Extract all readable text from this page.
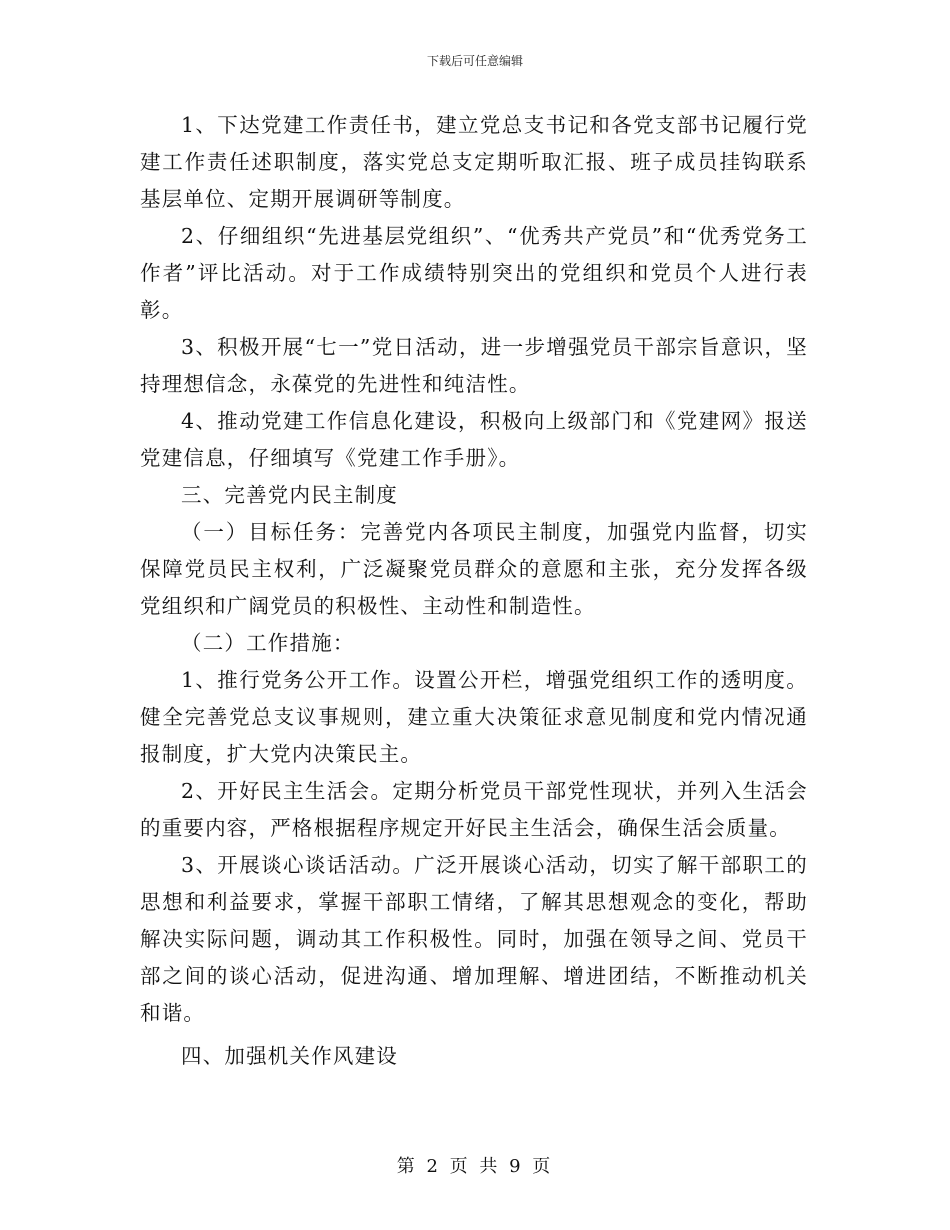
下载后可任意编辑

1、下达党建工作责任书，建立党总支书记和各党支部书记履行党建工作责任述职制度，落实党总支定期听取汇报、班子成员挂钩联系基层单位、定期开展调研等制度。

2、仔细组织“先进基层党组织”、“优秀共产党员”和“优秀党务工作者”评比活动。对于工作成绩特别突出的党组织和党员个人进行表彰。

3、积极开展“七一”党日活动，进一步增强党员干部宗旨意识，坚持理想信念，永葆党的先进性和纯洁性。

4、推动党建工作信息化建设，积极向上级部门和《党建网》报送党建信息，仔细填写《党建工作手册》。

三、完善党内民主制度

（一）目标任务：完善党内各项民主制度，加强党内监督，切实保障党员民主权利，广泛凝聚党员群众的意愿和主张，充分发挥各级党组织和广阔党员的积极性、主动性和制造性。

（二）工作措施：

1、推行党务公开工作。设置公开栏，增强党组织工作的透明度。健全完善党总支议事规则，建立重大决策征求意见制度和党内情况通报制度，扩大党内决策民主。

2、开好民主生活会。定期分析党员干部党性现状，并列入生活会的重要内容，严格根据程序规定开好民主生活会，确保生活会质量。

3、开展谈心谈话活动。广泛开展谈心活动，切实了解干部职工的思想和利益要求，掌握干部职工情绪，了解其思想观念的变化，帮助解决实际问题，调动其工作积极性。同时，加强在领导之间、党员干部之间的谈心活动，促进沟通、增加理解、增进团结，不断推动机关和谐。

四、加强机关作风建设

第 2 页 共 9 页
